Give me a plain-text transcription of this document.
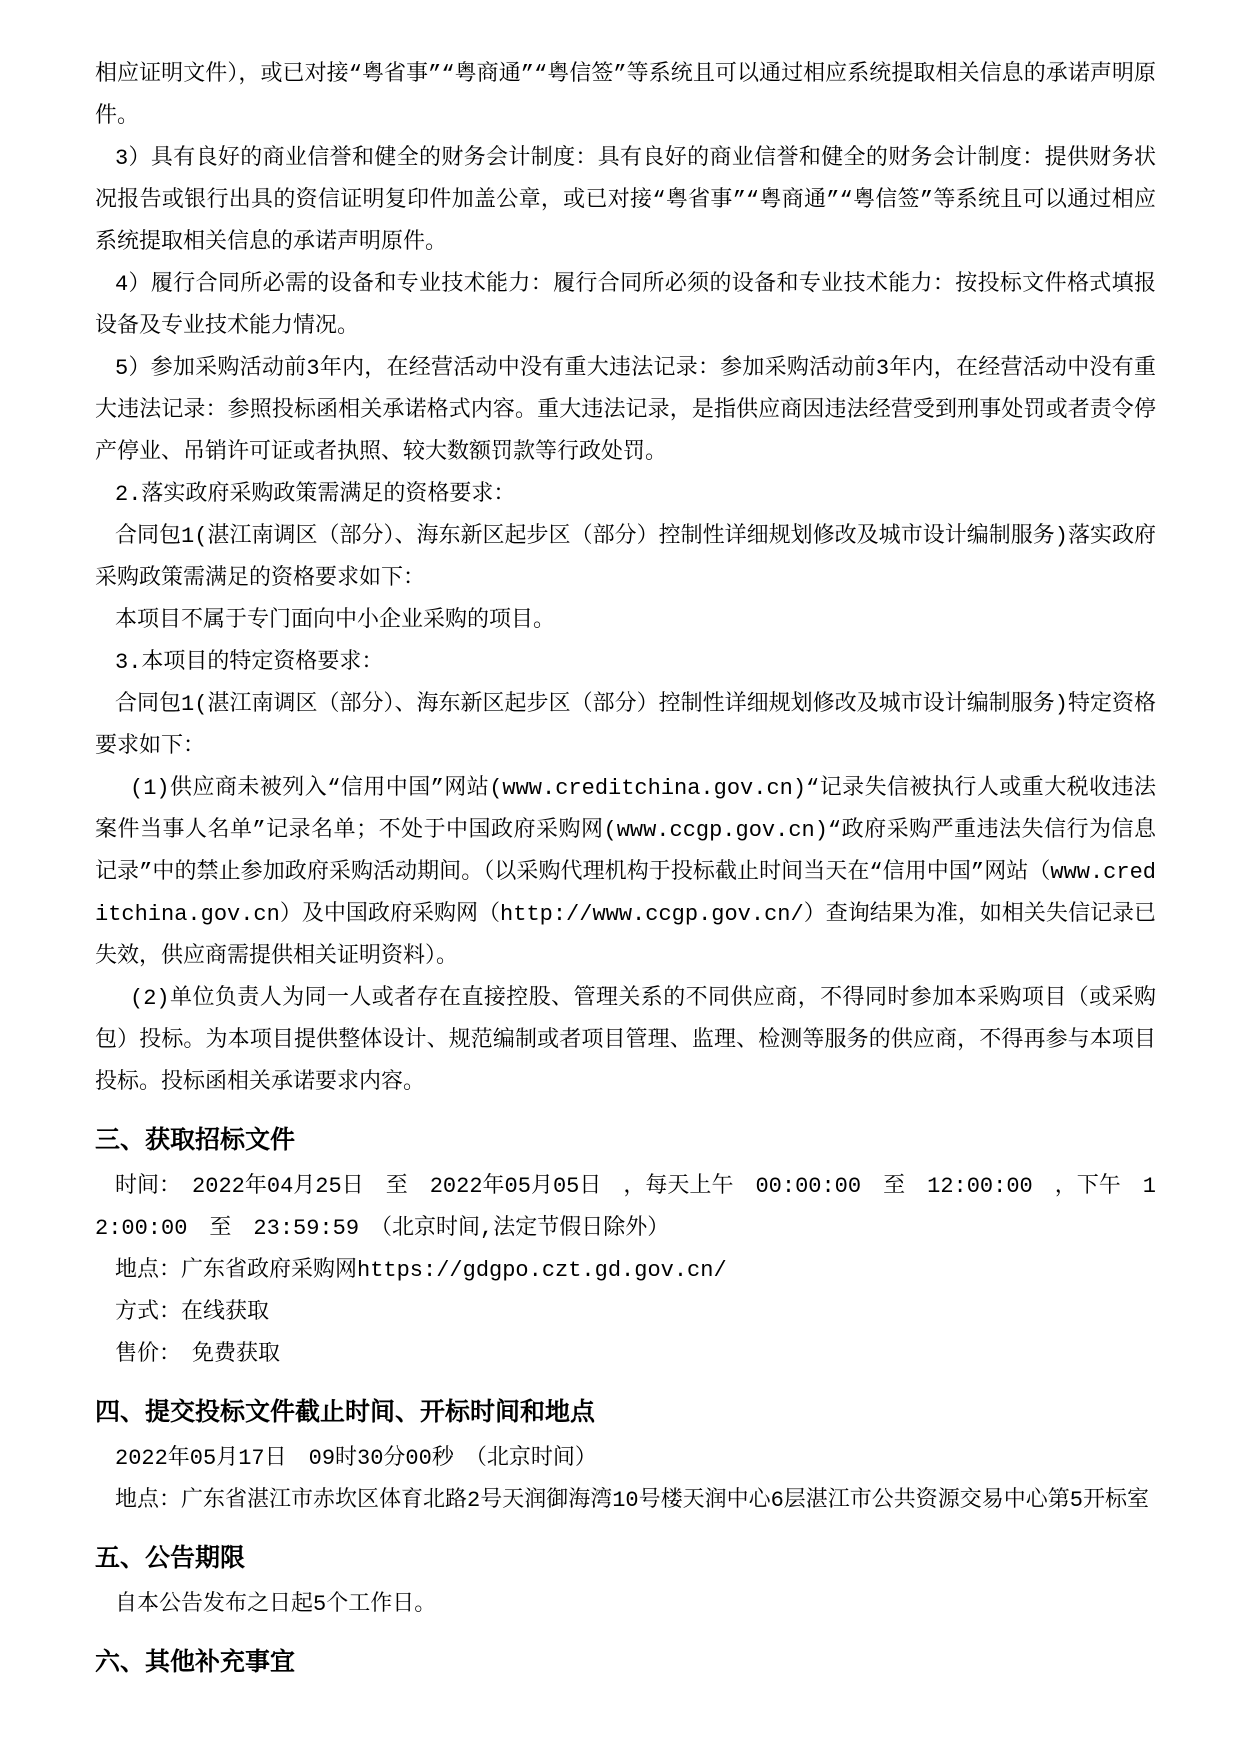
相应证明文件），或已对接“粤省事”“粤商通”“粤信签”等系统且可以通过相应系统提取相关信息的承诺声明原件。

3）具有良好的商业信誉和健全的财务会计制度：具有良好的商业信誉和健全的财务会计制度：提供财务状况报告或银行出具的资信证明复印件加盖公章，或已对接“粤省事”“粤商通”“粤信签”等系统且可以通过相应系统提取相关信息的承诺声明原件。

4）履行合同所必需的设备和专业技术能力：履行合同所必须的设备和专业技术能力：按投标文件格式填报设备及专业技术能力情况。

5）参加采购活动前3年内，在经营活动中没有重大违法记录：参加采购活动前3年内，在经营活动中没有重大违法记录：参照投标函相关承诺格式内容。重大违法记录，是指供应商因违法经营受到刑事处罚或者责令停产停业、吊销许可证或者执照、较大数额罚款等行政处罚。

2.落实政府采购政策需满足的资格要求：

合同包1(湛江南调区（部分）、海东新区起步区（部分）控制性详细规划修改及城市设计编制服务)落实政府采购政策需满足的资格要求如下：

本项目不属于专门面向中小企业采购的项目。

3.本项目的特定资格要求：

合同包1(湛江南调区（部分）、海东新区起步区（部分）控制性详细规划修改及城市设计编制服务)特定资格要求如下：

(1)供应商未被列入“信用中国”网站(www.creditchina.gov.cn)“记录失信被执行人或重大税收违法案件当事人名单”记录名单；不处于中国政府采购网(www.ccgp.gov.cn)“政府采购严重违法失信行为信息记录”中的禁止参加政府采购活动期间。（以采购代理机构于投标截止时间当天在“信用中国”网站（www.creditchina.gov.cn）及中国政府采购网（http://www.ccgp.gov.cn/）查询结果为准，如相关失信记录已失效，供应商需提供相关证明资料）。

(2)单位负责人为同一人或者存在直接控股、管理关系的不同供应商，不得同时参加本采购项目（或采购包）投标。为本项目提供整体设计、规范编制或者项目管理、监理、检测等服务的供应商，不得再参与本项目投标。投标函相关承诺要求内容。

三、获取招标文件

时间：　2022年04月25日　至　2022年05月05日　，每天上午　00:00:00　至　12:00:00　，下午　12:00:00　至　23:59:59　（北京时间,法定节假日除外）

地点：广东省政府采购网https://gdgpo.czt.gd.gov.cn/

方式：在线获取

售价：　免费获取

四、提交投标文件截止时间、开标时间和地点

2022年05月17日　09时30分00秒　（北京时间）

地点：广东省湛江市赤坎区体育北路2号天润御海湾10号楼天润中心6层湛江市公共资源交易中心第5开标室

五、公告期限

自本公告发布之日起5个工作日。

六、其他补充事宜
